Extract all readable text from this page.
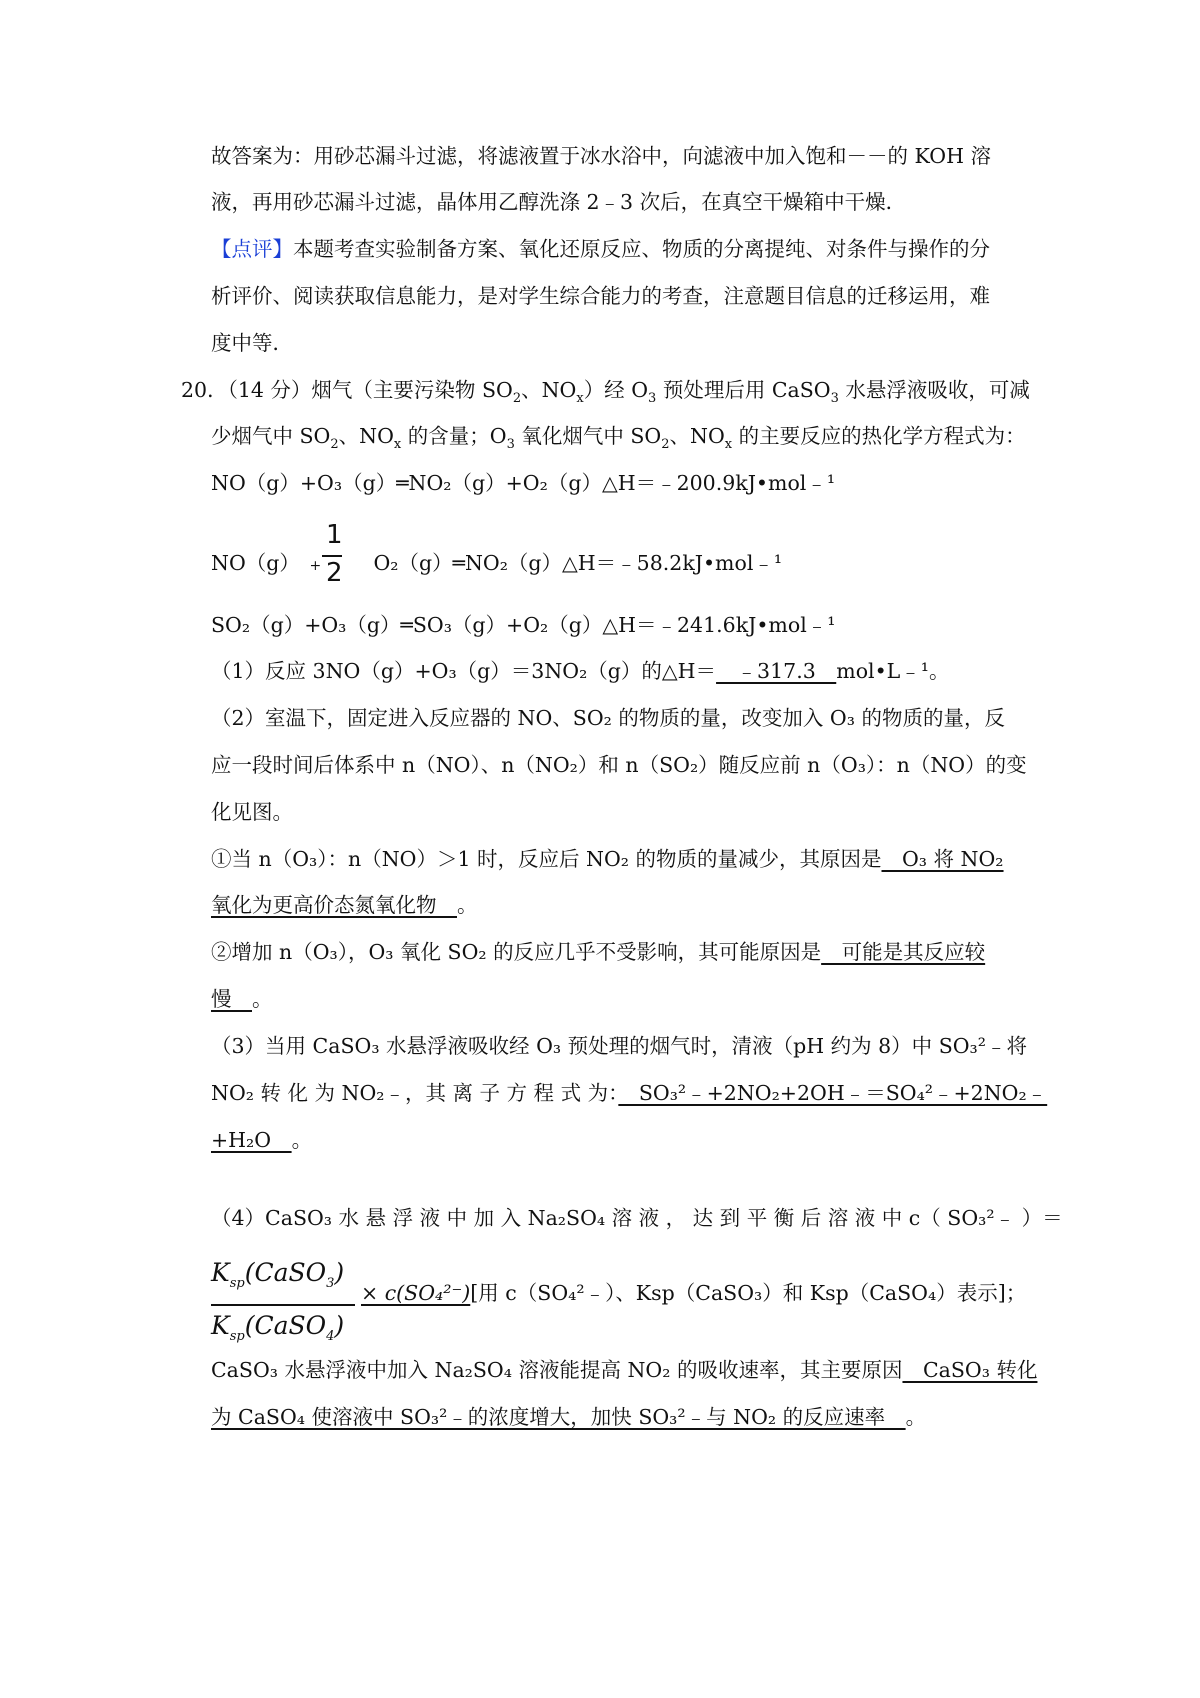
故答案为：用砂芯漏斗过滤，将滤液置于冰水浴中，向滤液中加入饱和－－的 KOH 溶
液，再用砂芯漏斗过滤，晶体用乙醇洗涤 2﹣3 次后，在真空干燥箱中干燥．
【点评】本题考查实验制备方案、氧化还原反应、物质的分离提纯、对条件与操作的分
析评价、阅读获取信息能力，是对学生综合能力的考查，注意题目信息的迁移运用，难
度中等．
20．（14 分）烟气（主要污染物 $SO_2$、$NO_x$）经 $O_3$ 预处理后用 CaSO$_3$ 水悬浮液吸收，可减
少烟气中 $SO_2$、$NO_x$ 的含量；$O_3$ 氧化烟气中 $SO_2$、$NO_x$ 的主要反应的热化学方程式为：
NO（g）+O₃（g）═NO₂（g）+O₂（g）△H＝﹣200.9kJ•mol﹣¹
NO（g） +	O₂（g）═NO₂（g）△H＝﹣58.2kJ•mol﹣¹
1
2
SO₂（g）+O₃（g）═SO₃（g）+O₂（g）△H＝﹣241.6kJ•mol﹣¹
（1）反应 3NO（g）+O₃（g）＝3NO₂（g）的△H＝　﹣317.3　mol•L﹣¹。
（2）室温下，固定进入反应器的 NO、SO₂ 的物质的量，改变加入 O₃ 的物质的量，反
应一段时间后体系中 n（NO）、n（NO₂）和 n（SO₂）随反应前 n（O₃）：n（NO）的变
化见图。
①当 n（O₃）：n（NO）＞1 时，反应后 NO₂ 的物质的量减少，其原因是　O₃ 将 NO₂
氧化为更高价态氮氧化物　。
②增加 n（O₃），O₃ 氧化 SO₂ 的反应几乎不受影响，其可能原因是　可能是其反应较
慢　。
（3）当用 CaSO₃ 水悬浮液吸收经 O₃ 预处理的烟气时，清液（pH 约为 8）中 SO₃²﹣将
NO₂ 转 化 为 NO₂﹣，其 离 子 方 程 式 为：　SO₃²﹣+2NO₂+2OH﹣＝SO₄²﹣+2NO₂﹣
+H₂O　。
（4）CaSO₃ 水 悬 浮 液 中 加 入 Na₂SO₄ 溶 液 ， 达 到 平 衡 后 溶 液 中 c（ SO₃²﹣ ）＝
$K_{sp}(CaSO_3)$
$K_{sp}(CaSO_4)$
× c(SO₄²⁻)[用 c（SO₄²﹣）、Ksp（CaSO₃）和 Ksp（CaSO₄）表示]；
CaSO₃ 水悬浮液中加入 Na₂SO₄ 溶液能提高 NO₂ 的吸收速率，其主要原因　CaSO₃ 转化
为 CaSO₄ 使溶液中 SO₃²﹣的浓度增大，加快 SO₃²﹣与 NO₂ 的反应速率　。
